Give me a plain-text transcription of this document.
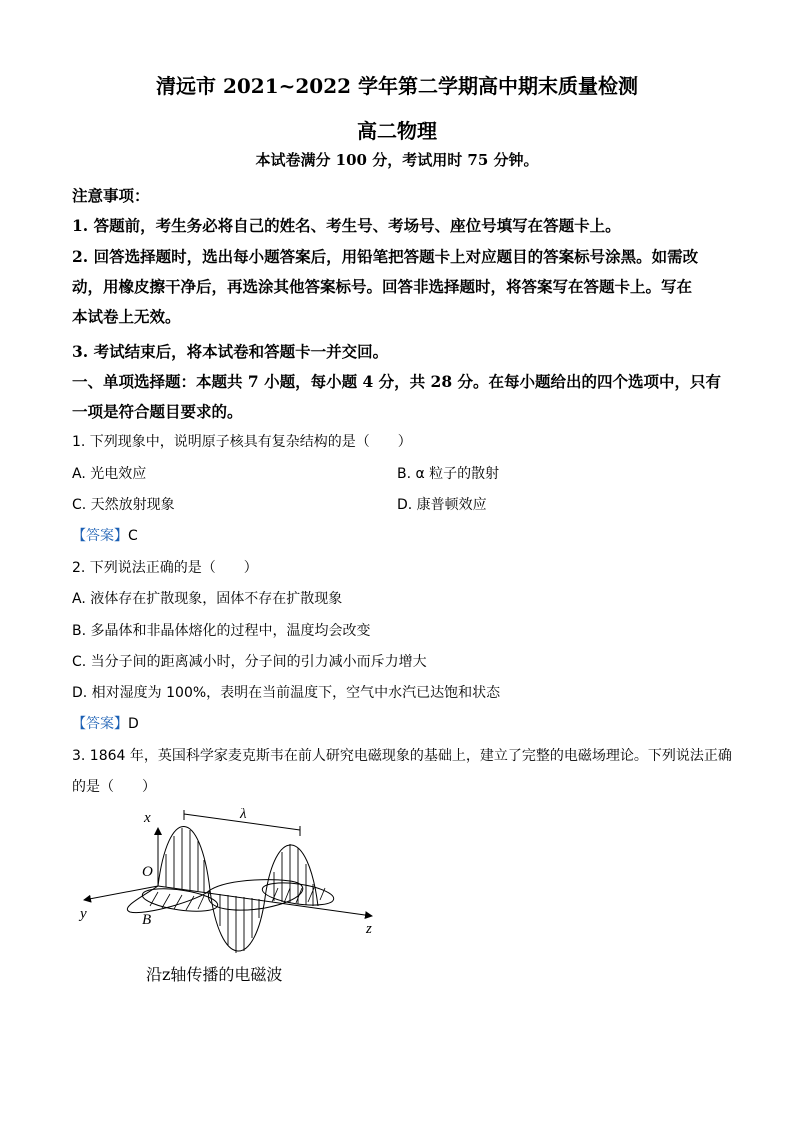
清远市 2021~2022 学年第二学期高中期末质量检测
高二物理
本试卷满分 100 分，考试用时 75 分钟。
注意事项：
1. 答题前，考生务必将自己的姓名、考生号、考场号、座位号填写在答题卡上。
2. 回答选择题时，选出每小题答案后，用铅笔把答题卡上对应题目的答案标号涂黑。如需改
动，用橡皮擦干净后，再选涂其他答案标号。回答非选择题时，将答案写在答题卡上。写在
本试卷上无效。
3. 考试结束后，将本试卷和答题卡一并交回。
一、单项选择题：本题共 7 小题，每小题 4 分，共 28 分。在每小题给出的四个选项中，只有
一项是符合题目要求的。
1. 下列现象中，说明原子核具有复杂结构的是（　　）
A. 光电效应	B. α 粒子的散射
C. 天然放射现象	D. 康普顿效应
【答案】C
2. 下列说法正确的是（　　）
A. 液体存在扩散现象，固体不存在扩散现象
B. 多晶体和非晶体熔化的过程中，温度均会改变
C. 当分子间的距离减小时，分子间的引力减小而斥力增大
D. 相对湿度为 100%，表明在当前温度下，空气中水汽已达饱和状态
【答案】D
3. 1864 年，英国科学家麦克斯韦在前人研究电磁现象的基础上，建立了完整的电磁场理论。下列说法正确
的是（　　）
x
y
z
O
B
λ
沿z轴传播的电磁波
